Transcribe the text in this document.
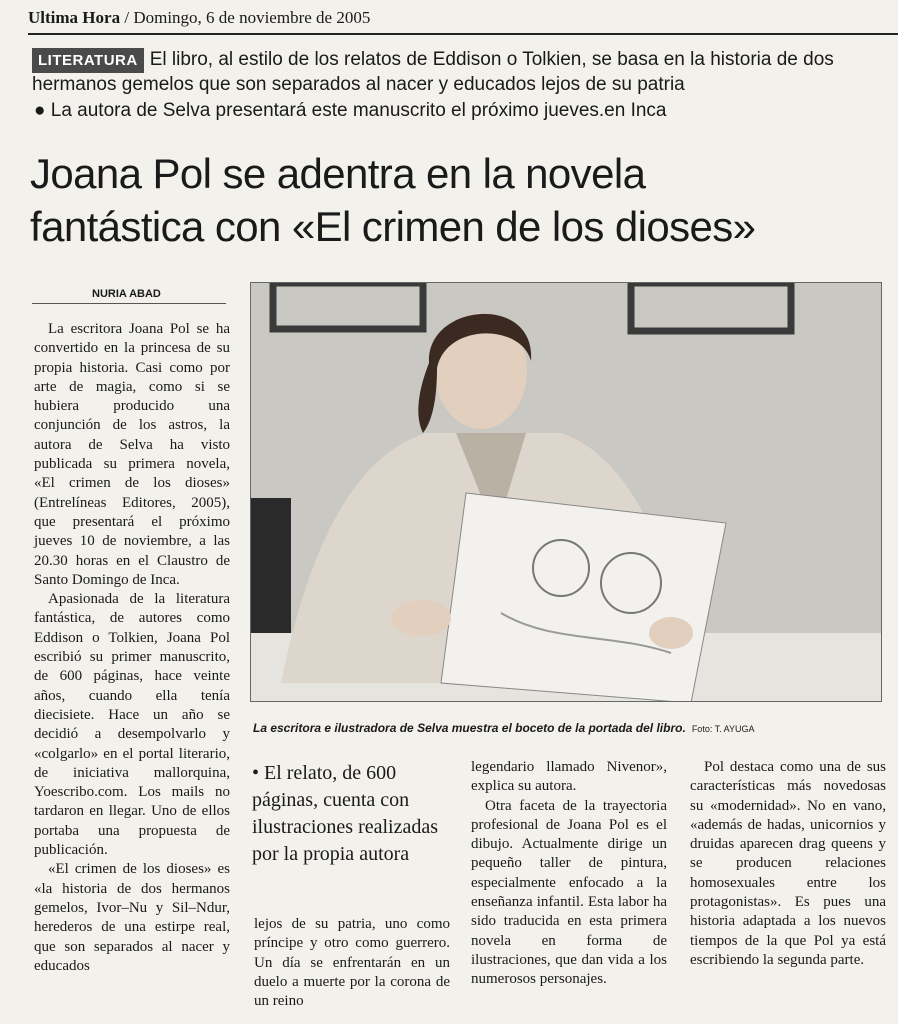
Ultima Hora / Domingo, 6 de noviembre de 2005
LITERATURA El libro, al estilo de los relatos de Eddison o Tolkien, se basa en la historia de dos hermanos gemelos que son separados al nacer y educados lejos de su patria
● La autora de Selva presentará este manuscrito el próximo jueves.en Inca
Joana Pol se adentra en la novela
fantástica con «El crimen de los dioses»
NURIA ABAD

La escritora Joana Pol se ha convertido en la princesa de su propia historia. Casi como por arte de magia, como si se hubiera producido una conjunción de los astros, la autora de Selva ha visto publicada su primera novela, «El crimen de los dioses» (Entrelíneas Editores, 2005), que presentará el próximo jueves 10 de noviembre, a las 20.30 horas en el Claustro de Santo Domingo de Inca.

Apasionada de la literatura fantástica, de autores como Eddison o Tolkien, Joana Pol escribió su primer manuscrito, de 600 páginas, hace veinte años, cuando ella tenía diecisiete. Hace un año se decidió a desempolvarlo y «colgarlo» en el portal literario, de iniciativa mallorquina, Yoescribo.com. Los mails no tardaron en llegar. Uno de ellos portaba una propuesta de publicación.

«El crimen de los dioses» es «la historia de dos hermanos gemelos, Ivor–Nu y Sil–Ndur, herederos de una estirpe real, que son separados al nacer y educados

La escritora e ilustradora de Selva muestra el boceto de la portada del libro. Foto: T. AYUGA
• El relato, de 600 páginas, cuenta con ilustraciones realizadas por la propia autora

lejos de su patria, uno como príncipe y otro como guerrero. Un día se enfrentarán en un duelo a muerte por la corona de un reino

legendario llamado Nivenor», explica su autora.

Otra faceta de la trayectoria profesional de Joana Pol es el dibujo. Actualmente dirige un pequeño taller de pintura, especialmente enfocado a la enseñanza infantil. Esta labor ha sido traducida en esta primera novela en forma de ilustraciones, que dan vida a los numerosos personajes.

Pol destaca como una de sus características más novedosas su «modernidad». No en vano, «además de hadas, unicornios y druidas aparecen drag queens y se producen relaciones homosexuales entre los protagonistas». Es pues una historia adaptada a los nuevos tiempos de la que Pol ya está escribiendo la segunda parte.
